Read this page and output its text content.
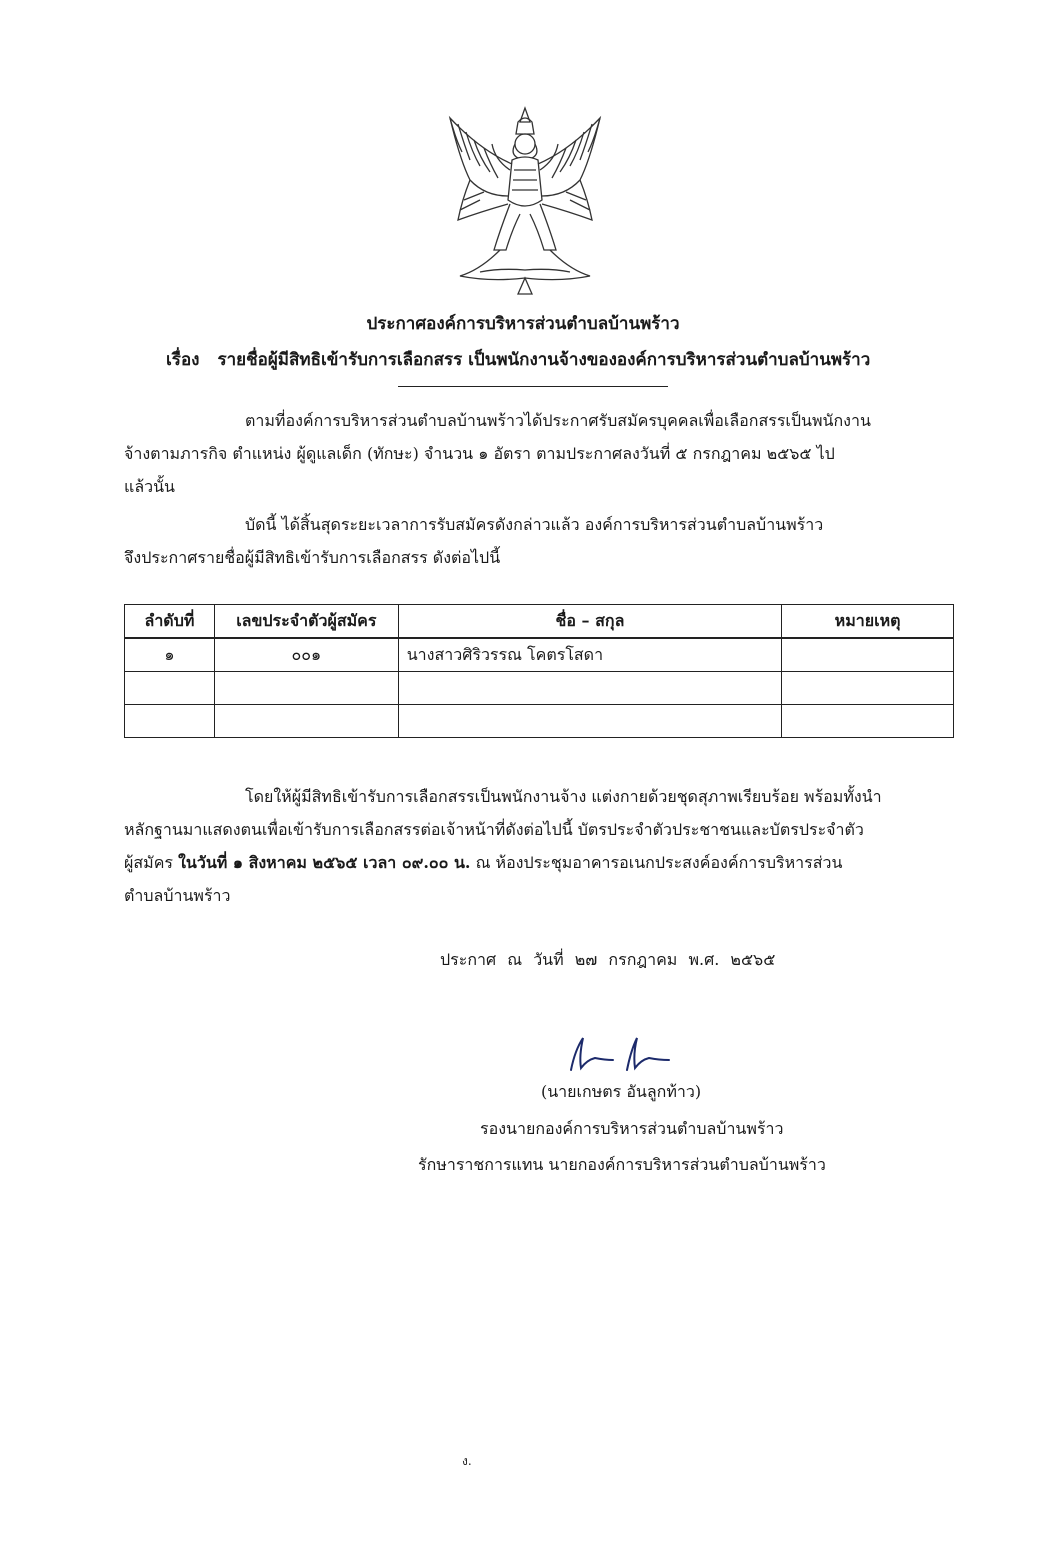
ประกาศองค์การบริหารส่วนตำบลบ้านพร้าว
เรื่อง รายชื่อผู้มีสิทธิเข้ารับการเลือกสรร เป็นพนักงานจ้างขององค์การบริหารส่วนตำบลบ้านพร้าว
ตามที่องค์การบริหารส่วนตำบลบ้านพร้าวได้ประกาศรับสมัครบุคคลเพื่อเลือกสรรเป็นพนักงาน
จ้างตามภารกิจ ตำแหน่ง ผู้ดูแลเด็ก (ทักษะ) จำนวน ๑ อัตรา ตามประกาศลงวันที่ ๕ กรกฎาคม ๒๕๖๕ ไป
แล้วนั้น
บัดนี้ ได้สิ้นสุดระยะเวลาการรับสมัครดังกล่าวแล้ว องค์การบริหารส่วนตำบลบ้านพร้าว
จึงประกาศรายชื่อผู้มีสิทธิเข้ารับการเลือกสรร ดังต่อไปนี้
ลำดับที่	เลขประจำตัวผู้สมัคร	ชื่อ – สกุล	หมายเหตุ
๑	๐๐๑	นางสาวศิริวรรณ โคตรโสดา	

โดยให้ผู้มีสิทธิเข้ารับการเลือกสรรเป็นพนักงานจ้าง แต่งกายด้วยชุดสุภาพเรียบร้อย พร้อมทั้งนำ
หลักฐานมาแสดงตนเพื่อเข้ารับการเลือกสรรต่อเจ้าหน้าที่ดังต่อไปนี้ บัตรประจำตัวประชาชนและบัตรประจำตัว
ผู้สมัคร ในวันที่ ๑ สิงหาคม ๒๕๖๕ เวลา ๐๙.๐๐ น. ณ ห้องประชุมอาคารอเนกประสงค์องค์การบริหารส่วน
ตำบลบ้านพร้าว
ประกาศ ณ วันที่ ๒๗ กรกฎาคม พ.ศ. ๒๕๖๕
(นายเกษตร อันลูกท้าว)
รองนายกองค์การบริหารส่วนตำบลบ้านพร้าว
รักษาราชการแทน นายกองค์การบริหารส่วนตำบลบ้านพร้าว
ง.
